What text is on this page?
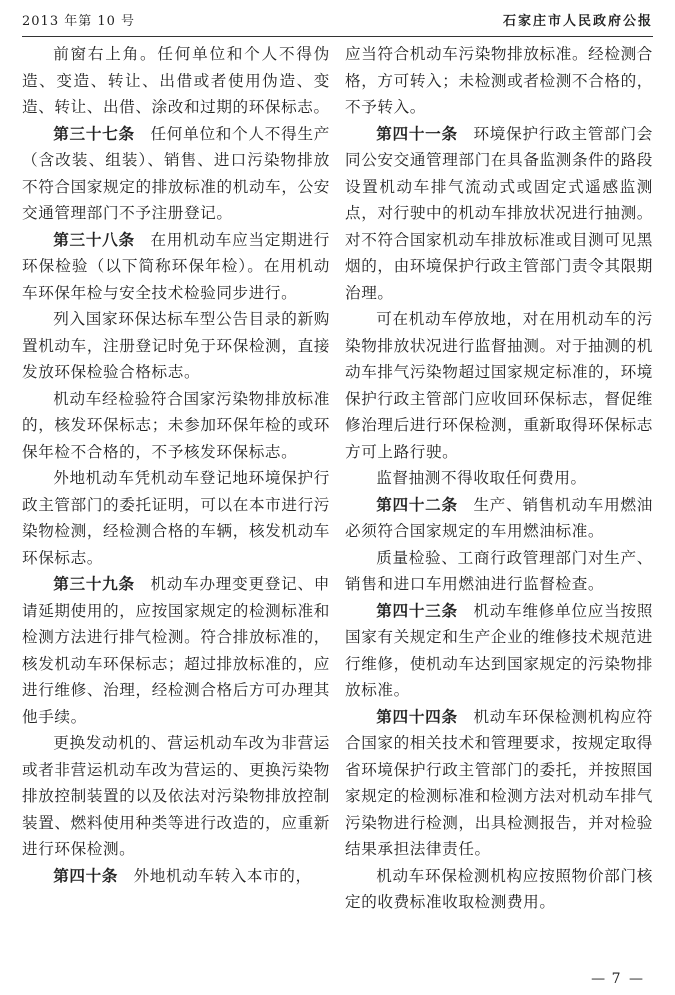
2013 年第 10 号	石家庄市人民政府公报

前窗右上角。任何单位和个人不得伪造、变造、转让、出借或者使用伪造、变造、转让、出借、涂改和过期的环保标志。

第三十七条 任何单位和个人不得生产（含改装、组装）、销售、进口污染物排放不符合国家规定的排放标准的机动车，公安交通管理部门不予注册登记。

第三十八条 在用机动车应当定期进行环保检验（以下简称环保年检）。在用机动车环保年检与安全技术检验同步进行。

列入国家环保达标车型公告目录的新购置机动车，注册登记时免于环保检测，直接发放环保检验合格标志。

机动车经检验符合国家污染物排放标准的，核发环保标志；未参加环保年检的或环保年检不合格的，不予核发环保标志。

外地机动车凭机动车登记地环境保护行政主管部门的委托证明，可以在本市进行污染物检测，经检测合格的车辆，核发机动车环保标志。

第三十九条 机动车办理变更登记、申请延期使用的，应按国家规定的检测标准和检测方法进行排气检测。符合排放标准的，核发机动车环保标志；超过排放标准的，应进行维修、治理，经检测合格后方可办理其他手续。

更换发动机的、营运机动车改为非营运或者非营运机动车改为营运的、更换污染物排放控制装置的以及依法对污染物排放控制装置、燃料使用种类等进行改造的，应重新进行环保检测。

第四十条 外地机动车转入本市的，

应当符合机动车污染物排放标准。经检测合格，方可转入；未检测或者检测不合格的，不予转入。

第四十一条 环境保护行政主管部门会同公安交通管理部门在具备监测条件的路段设置机动车排气流动式或固定式遥感监测点，对行驶中的机动车排放状况进行抽测。对不符合国家机动车排放标准或目测可见黑烟的，由环境保护行政主管部门责令其限期治理。

可在机动车停放地，对在用机动车的污染物排放状况进行监督抽测。对于抽测的机动车排气污染物超过国家规定标准的，环境保护行政主管部门应收回环保标志，督促维修治理后进行环保检测，重新取得环保标志方可上路行驶。

监督抽测不得收取任何费用。

第四十二条 生产、销售机动车用燃油必须符合国家规定的车用燃油标准。

质量检验、工商行政管理部门对生产、销售和进口车用燃油进行监督检查。

第四十三条 机动车维修单位应当按照国家有关规定和生产企业的维修技术规范进行维修，使机动车达到国家规定的污染物排放标准。

第四十四条 机动车环保检测机构应符合国家的相关技术和管理要求，按规定取得省环境保护行政主管部门的委托，并按照国家规定的检测标准和检测方法对机动车排气污染物进行检测，出具检测报告，并对检验结果承担法律责任。

机动车环保检测机构应按照物价部门核定的收费标准收取检测费用。

— 7 —
